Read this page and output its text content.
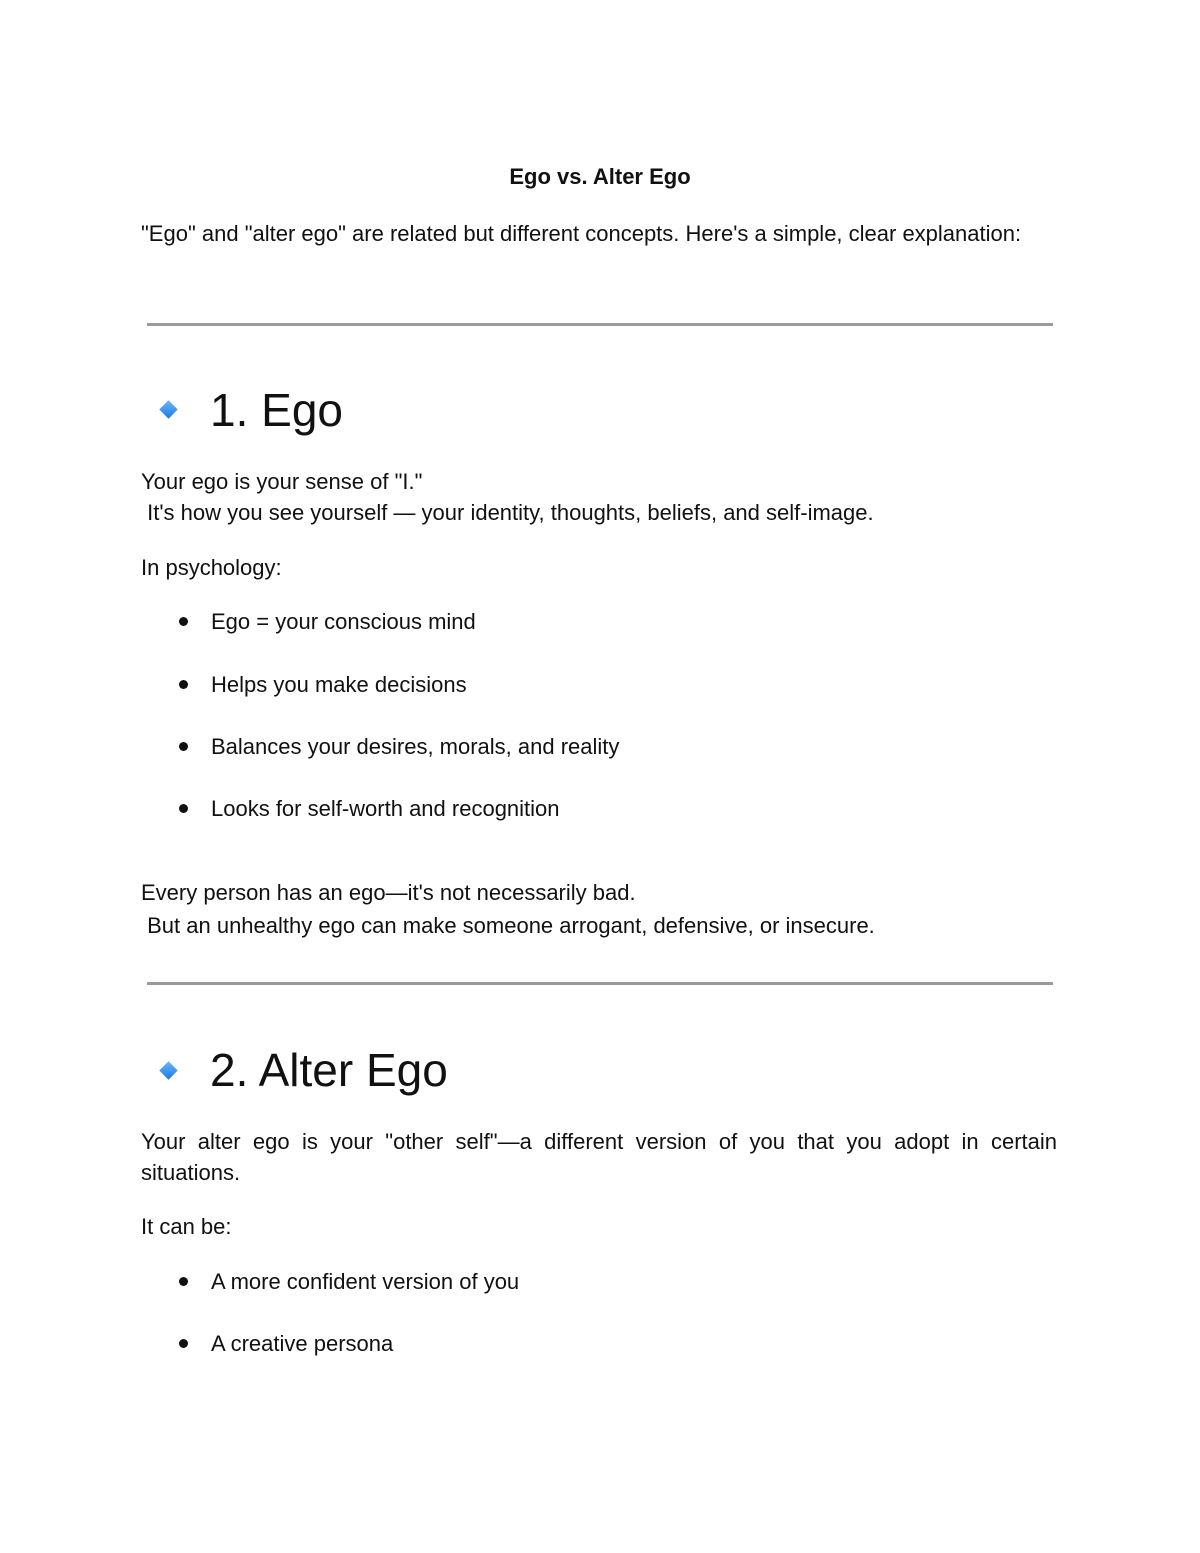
Ego vs. Alter Ego
"Ego" and "alter ego" are related but different concepts. Here's a simple, clear explanation:
1. Ego
Your ego is your sense of "I."
It's how you see yourself — your identity, thoughts, beliefs, and self-image.
In psychology:
Ego = your conscious mind
Helps you make decisions
Balances your desires, morals, and reality
Looks for self-worth and recognition
Every person has an ego—it's not necessarily bad.
But an unhealthy ego can make someone arrogant, defensive, or insecure.
2. Alter Ego
Your alter ego is your "other self"—a different version of you that you adopt in certain situations.
It can be:
A more confident version of you
A creative persona
